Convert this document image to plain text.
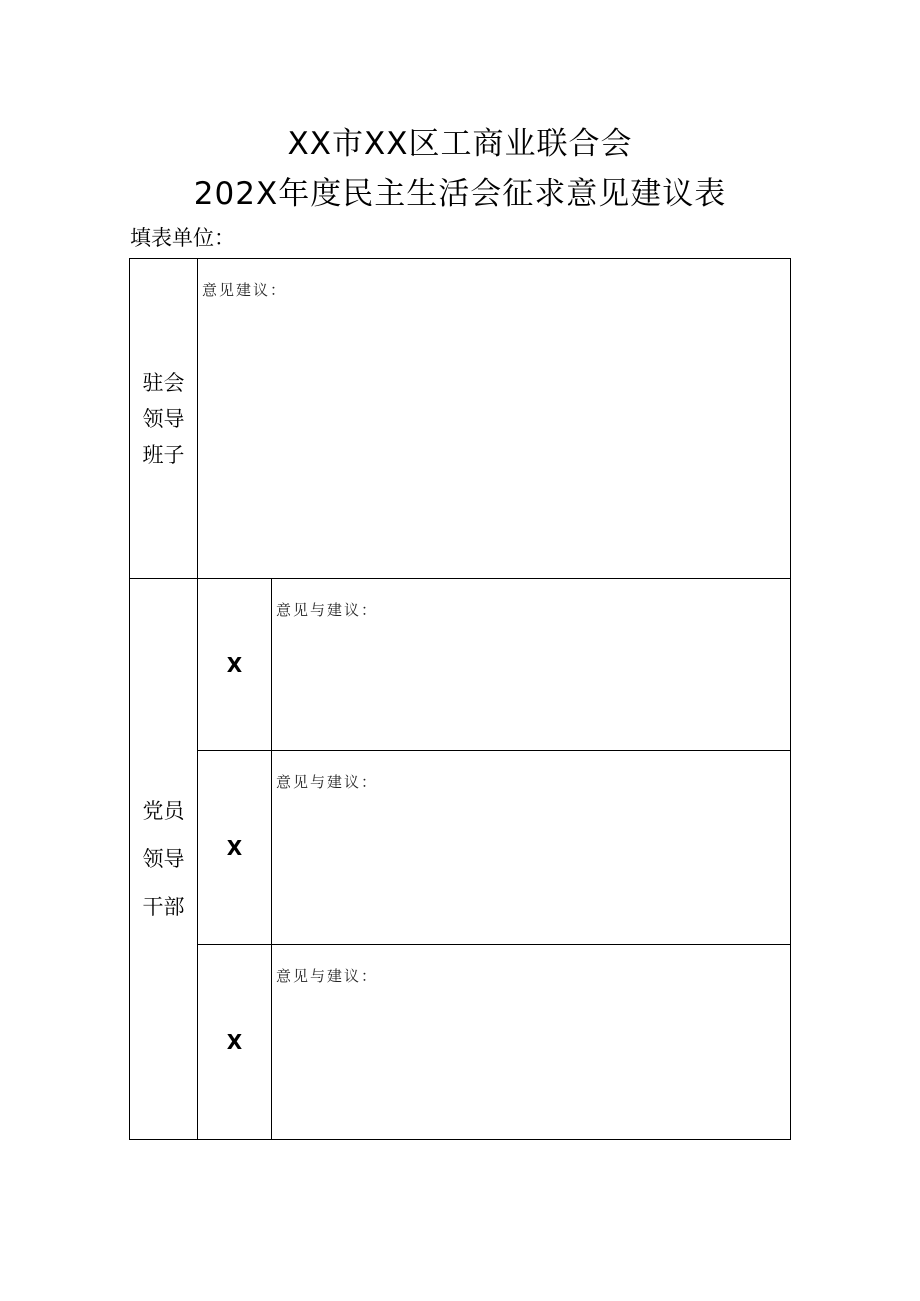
XX市XX区工商业联合会
202X年度民主生活会征求意见建议表
填表单位：
驻会
领导
班子	意见建议：	

党员
领导
干部	X	意见与建议：
	X	意见与建议：
	X	意见与建议：
